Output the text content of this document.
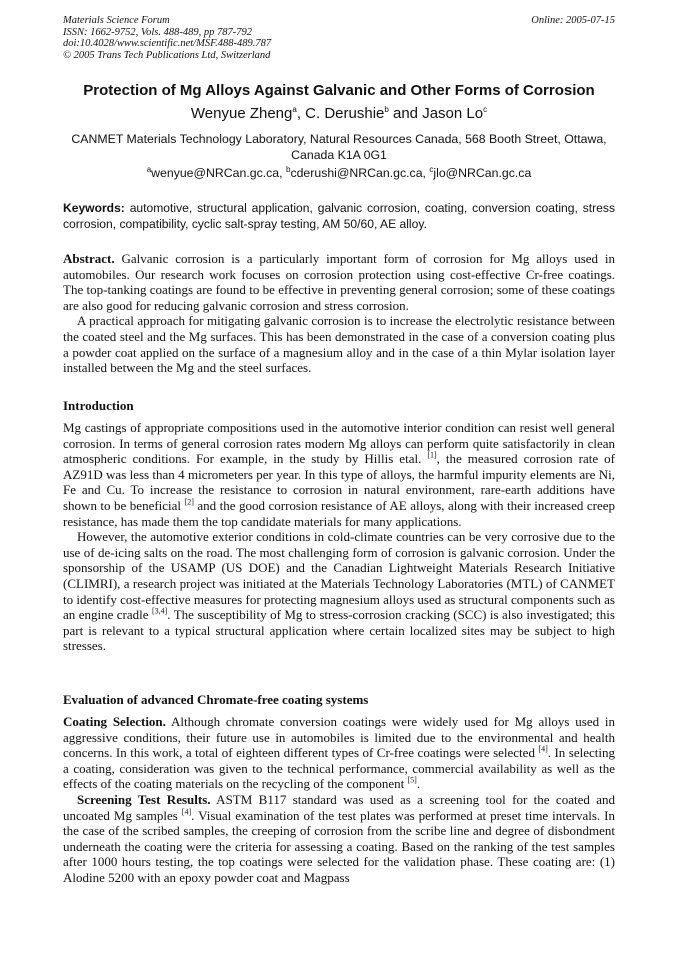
Materials Science Forum	Online: 2005-07-15
ISSN: 1662-9752, Vols. 488-489, pp 787-792
doi:10.4028/www.scientific.net/MSF.488-489.787
© 2005 Trans Tech Publications Ltd, Switzerland
Protection of Mg Alloys Against Galvanic and Other Forms of Corrosion
Wenyue Zheng$^a$, C. Derushie$^b$ and Jason Lo$^c$
CANMET Materials Technology Laboratory, Natural Resources Canada, 568 Booth Street, Ottawa, Canada K1A 0G1
$^a$wenyue@NRCan.gc.ca, $^b$cderushi@NRCan.gc.ca, $^c$jlo@NRCan.gc.ca
Keywords: automotive, structural application, galvanic corrosion, coating, conversion coating, stress corrosion, compatibility, cyclic salt-spray testing, AM 50/60, AE alloy.

Abstract. Galvanic corrosion is a particularly important form of corrosion for Mg alloys used in automobiles. Our research work focuses on corrosion protection using cost-effective Cr-free coatings. The top-tanking coatings are found to be effective in preventing general corrosion; some of these coatings are also good for reducing galvanic corrosion and stress corrosion.

A practical approach for mitigating galvanic corrosion is to increase the electrolytic resistance between the coated steel and the Mg surfaces. This has been demonstrated in the case of a conversion coating plus a powder coat applied on the surface of a magnesium alloy and in the case of a thin Mylar isolation layer installed between the Mg and the steel surfaces.

Introduction

Mg castings of appropriate compositions used in the automotive interior condition can resist well general corrosion. In terms of general corrosion rates modern Mg alloys can perform quite satisfactorily in clean atmospheric conditions. For example, in the study by Hillis etal. [1], the measured corrosion rate of AZ91D was less than 4 micrometers per year. In this type of alloys, the harmful impurity elements are Ni, Fe and Cu. To increase the resistance to corrosion in natural environment, rare-earth additions have shown to be beneficial [2] and the good corrosion resistance of AE alloys, along with their increased creep resistance, has made them the top candidate materials for many applications.

However, the automotive exterior conditions in cold-climate countries can be very corrosive due to the use of de-icing salts on the road. The most challenging form of corrosion is galvanic corrosion. Under the sponsorship of the USAMP (US DOE) and the Canadian Lightweight Materials Research Initiative (CLIMRI), a research project was initiated at the Materials Technology Laboratories (MTL) of CANMET to identify cost-effective measures for protecting magnesium alloys used as structural components such as an engine cradle [3,4]. The susceptibility of Mg to stress-corrosion cracking (SCC) is also investigated; this part is relevant to a typical structural application where certain localized sites may be subject to high stresses.

Evaluation of advanced Chromate-free coating systems

Coating Selection. Although chromate conversion coatings were widely used for Mg alloys used in aggressive conditions, their future use in automobiles is limited due to the environmental and health concerns. In this work, a total of eighteen different types of Cr-free coatings were selected [4]. In selecting a coating, consideration was given to the technical performance, commercial availability as well as the effects of the coating materials on the recycling of the component [5].

Screening Test Results. ASTM B117 standard was used as a screening tool for the coated and uncoated Mg samples [4]. Visual examination of the test plates was performed at preset time intervals. In the case of the scribed samples, the creeping of corrosion from the scribe line and degree of disbondment underneath the coating were the criteria for assessing a coating. Based on the ranking of the test samples after 1000 hours testing, the top coatings were selected for the validation phase. These coating are: (1) Alodine 5200 with an epoxy powder coat and Magpass
